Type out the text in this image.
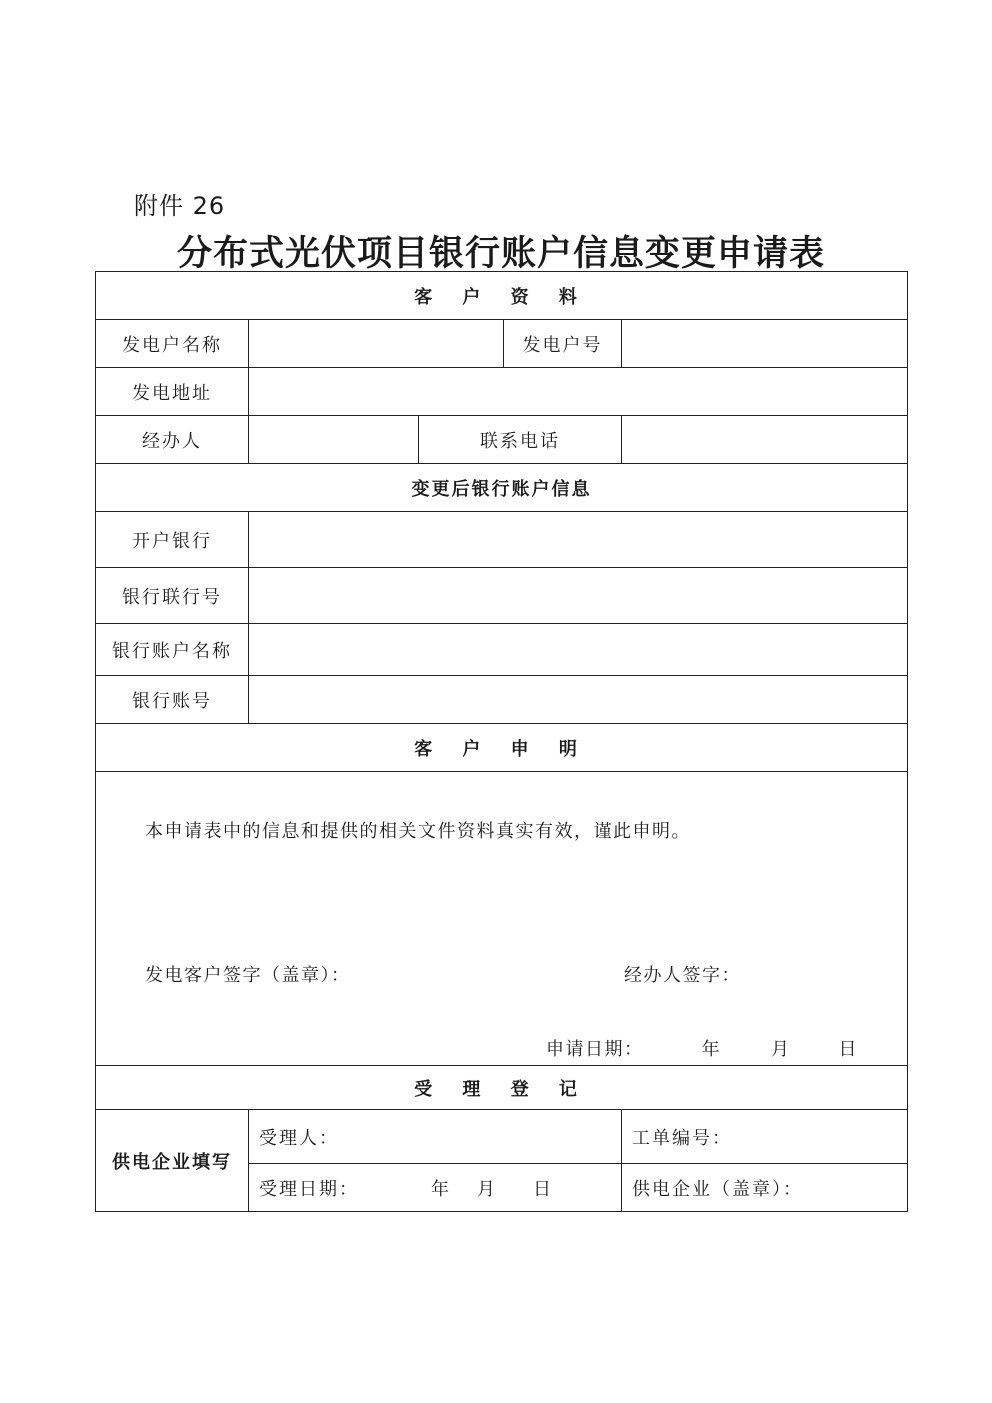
附件 26
分布式光伏项目银行账户信息变更申请表
客 户 资 料				
发电户名称			发电户号	
发电地址				
经办人		联系电话		
变更后银行账户信息				
开户银行				
银行联行号				
银行账户名称				
银行账号				
客 户 申 明				

本申请表中的信息和提供的相关文件资料真实有效，谨此申明。
发电客户签字（盖章）： 经办人签字：
申请日期： 年 月 日				

受 理 登 记				
供电企业填写	受理人：			工单编号：
	受理日期： 年 月 日			供电企业（盖章）：
